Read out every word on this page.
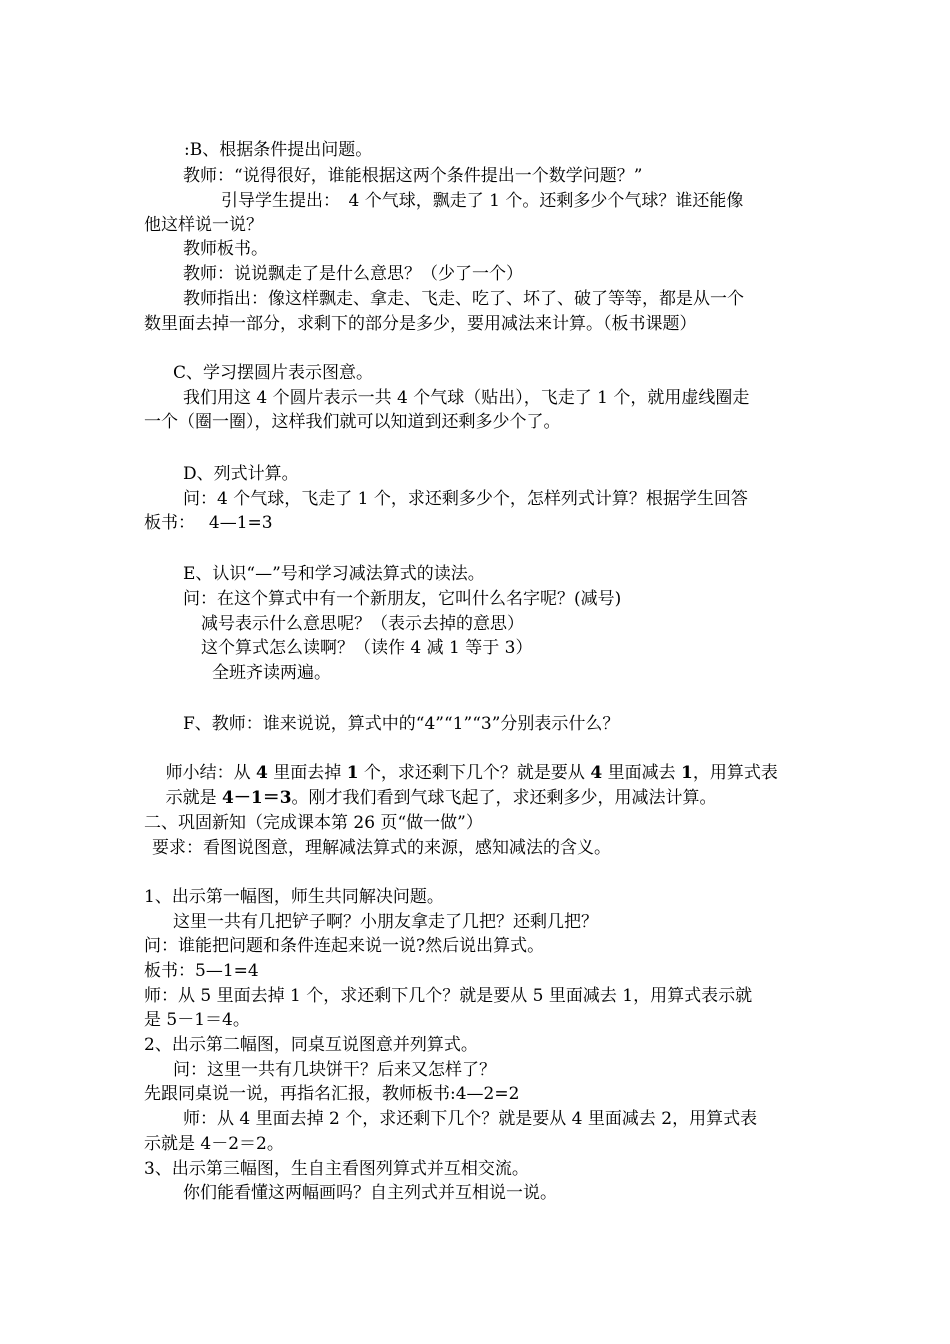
　:B、根据条件提出问题。
教师：“说得很好，谁能根据这两个条件提出一个数学问题？”
引导学生提出：　4 个气球，飘走了 1 个。还剩多少个气球？谁还能像
他这样说一说？
教师板书。
教师：说说飘走了是什么意思？（少了一个）
教师指出：像这样飘走、拿走、飞走、吃了、坏了、破了等等，都是从一个
数里面去掉一部分，求剩下的部分是多少，要用减法来计算。（板书课题）
C、学习摆圆片表示图意。
我们用这 4 个圆片表示一共 4 个气球（贴出），飞走了 1 个，就用虚线圈走
一个（圈一圈），这样我们就可以知道到还剩多少个了。
D、列式计算。
问：4 个气球，飞走了 1 个，求还剩多少个，怎样列式计算？根据学生回答
板书：　 4—1=3
E、认识“—”号和学习减法算式的读法。
问：在这个算式中有一个新朋友，它叫什么名字呢？(减号)
减号表示什么意思呢？（表示去掉的意思）
这个算式怎么读啊？（读作 4 减 1 等于 3）
全班齐读两遍。
F、教师：谁来说说，算式中的“4”“1”“3”分别表示什么？

师小结：从 4 里面去掉 1 个，求还剩下几个？就是要从 4 里面减去 1，用算式表

示就是 4－1＝3。刚才我们看到气球飞起了，求还剩多少，用减法计算。

二、巩固新知（完成课本第 26 页“做一做”）
要求：看图说图意，理解减法算式的来源，感知减法的含义。
1、出示第一幅图，师生共同解决问题。
这里一共有几把铲子啊？小朋友拿走了几把？还剩几把？
问：谁能把问题和条件连起来说一说?然后说出算式。
板书：5—1=4
师：从 5 里面去掉 1 个，求还剩下几个？就是要从 5 里面减去 1，用算式表示就
是 5－1＝4。
2、出示第二幅图，同桌互说图意并列算式。
问：这里一共有几块饼干？后来又怎样了？
先跟同桌说一说，再指名汇报，教师板书:4—2=2
师：从 4 里面去掉 2 个，求还剩下几个？就是要从 4 里面减去 2，用算式表
示就是 4－2＝2。
3、出示第三幅图，生自主看图列算式并互相交流。
你们能看懂这两幅画吗？自主列式并互相说一说。
